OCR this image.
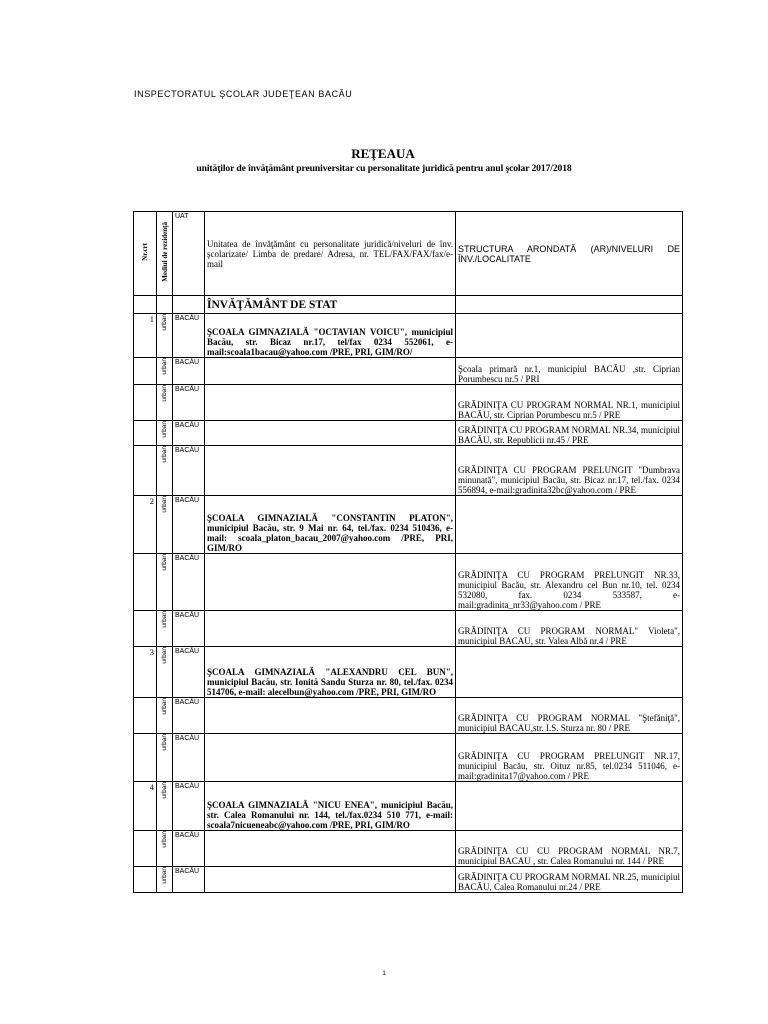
INSPECTORATUL ŞCOLAR JUDEŢEAN BACĂU
REŢEAUA
unităţilor de învăţământ preuniversitar cu personalitate juridică pentru anul şcolar 2017/2018
Nr.crt	Mediul de rezidenţă	UAT	Unitatea de învăţământ cu personalitate juridică/niveluri de înv. şcolarizate/ Limba de predare/ Adresa, nr. TEL/FAX/FAX/fax/e-mail	STRUCTURA ARONDATĂ (AR)/NIVELURI DE ÎNV./LOCALITATE
			ÎNVĂŢĂMÂNT DE STAT	
1	urban	BACĂU	ŞCOALA GIMNAZIALĂ "OCTAVIAN VOICU", municipiul Bacău, str. Bicaz nr.17, tel/fax 0234 552061, e-mail:scoala1bacau@yahoo.com /PRE, PRI, GIM/RO/	
	urban	BACĂU		Şcoala primară nr.1, municipiul BACĂU ,str. Ciprian Porumbescu nr.5 / PRI
	urban	BACĂU		GRĂDINIŢA CU PROGRAM NORMAL NR.1, municipiul BACĂU, str. Ciprian Porumbescu nr.5 / PRE
	urban	BACĂU		GRĂDINIŢA CU PROGRAM NORMAL NR.34, municipiul BACĂU, str. Republicii nr.45 / PRE
	urban	BACĂU		GRĂDINIŢA CU PROGRAM PRELUNGIT "Dumbrava minunată", municipiul Bacău, str. Bicaz nr.17, tel./fax. 0234 556894, e-mail:gradinita32bc@yahoo.com / PRE
2	urban	BACĂU	ŞCOALA GIMNAZIALĂ "CONSTANTIN PLATON", municipiul Bacău, str. 9 Mai nr. 64, tel./fax. 0234 510436, e-mail: scoala_platon_bacau_2007@yahoo.com /PRE, PRI, GIM/RO	
	urban	BACĂU		GRĂDINIŢA CU PROGRAM PRELUNGIT NR.33, municipiul Bacău, str. Alexandru cel Bun nr.10, tel. 0234 532080, fax. 0234 533587, e-mail:gradinita_nr33@yahoo.com / PRE
	urban	BACĂU		GRĂDINIŢA CU PROGRAM NORMAL" Violeta", municipiul BACAU, str. Valea Albă nr.4 / PRE
3	urban	BACĂU	ŞCOALA GIMNAZIALĂ "ALEXANDRU CEL BUN", municipiul Bacău, str. Ionită Sandu Sturza nr. 80, tel./fax. 0234 514706, e-mail: alecelbun@yahoo.com /PRE, PRI, GIM/RO	
	urban	BACĂU		GRĂDINIŢA CU PROGRAM NORMAL "Ştefăniţă", municipiul BACAU,str. I.S. Sturza nr. 80 / PRE
	urban	BACĂU		GRĂDINIŢA CU PROGRAM PRELUNGIT NR.17, municipiul Bacău, str. Oituz nr.85, tel.0234 511046, e-mail:gradinita17@yahoo.com / PRE
4	urban	BACĂU	ŞCOALA GIMNAZIALĂ "NICU ENEA", municipiul Bacău, str. Calea Romanului nr. 144, tel./fax.0234 510 771, e-mail: scoala7nicueneabc@yahoo.com /PRE, PRI, GIM/RO	
	urban	BACĂU		GRĂDINIŢA CU CU PROGRAM NORMAL NR.7, municipiul BACAU , str. Calea Romanului nr. 144 / PRE
	urban	BACĂU		GRĂDINIŢA CU PROGRAM NORMAL NR.25, municipiul BACĂU, Calea Romanului nr.24 / PRE
1
